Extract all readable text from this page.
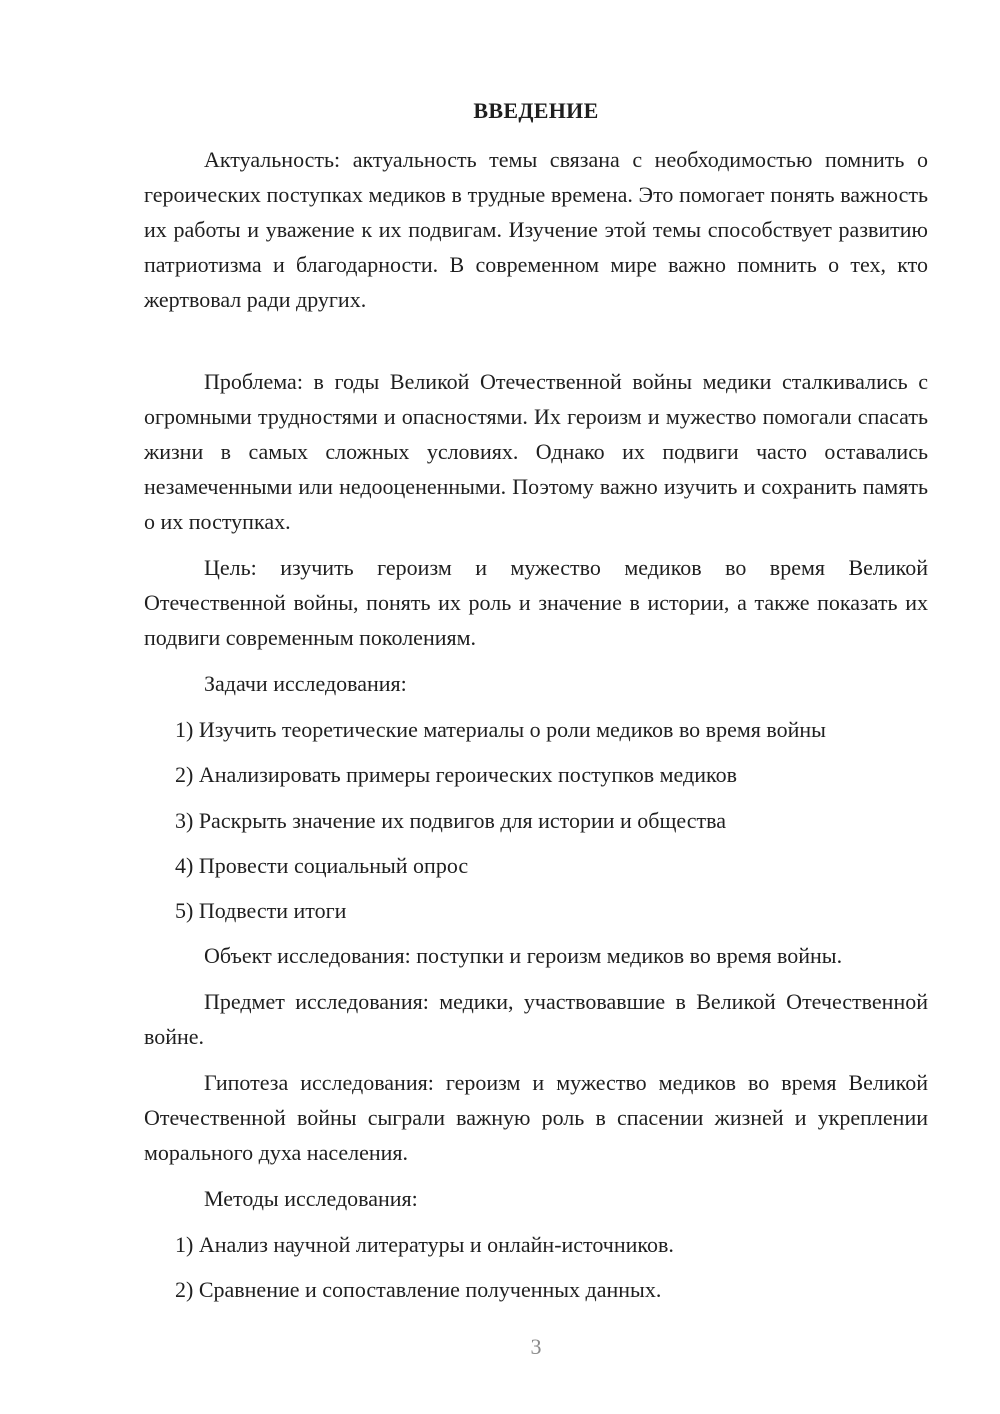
ВВЕДЕНИЕ

Актуальность: актуальность темы связана с необходимостью помнить о героических поступках медиков в трудные времена. Это помогает понять важность их работы и уважение к их подвигам. Изучение этой темы способствует развитию патриотизма и благодарности. В современном мире важно помнить о тех, кто жертвовал ради других.

Проблема: в годы Великой Отечественной войны медики сталкивались с огромными трудностями и опасностями. Их героизм и мужество помогали спасать жизни в самых сложных условиях. Однако их подвиги часто оставались незамеченными или недооцененными. Поэтому важно изучить и сохранить память о их поступках.

Цель: изучить героизм и мужество медиков во время Великой Отечественной войны, понять их роль и значение в истории, а также показать их подвиги современным поколениям.

Задачи исследования:

1) Изучить теоретические материалы о роли медиков во время войны

2) Анализировать примеры героических поступков медиков

3) Раскрыть значение их подвигов для истории и общества

4) Провести социальный опрос

5) Подвести итоги

Объект исследования: поступки и героизм медиков во время войны.

Предмет исследования: медики, участвовавшие в Великой Отечественной войне.

Гипотеза исследования: героизм и мужество медиков во время Великой Отечественной войны сыграли важную роль в спасении жизней и укреплении морального духа населения.

Методы исследования:

1) Анализ научной литературы и онлайн-источников.

2) Сравнение и сопоставление полученных данных.

3
